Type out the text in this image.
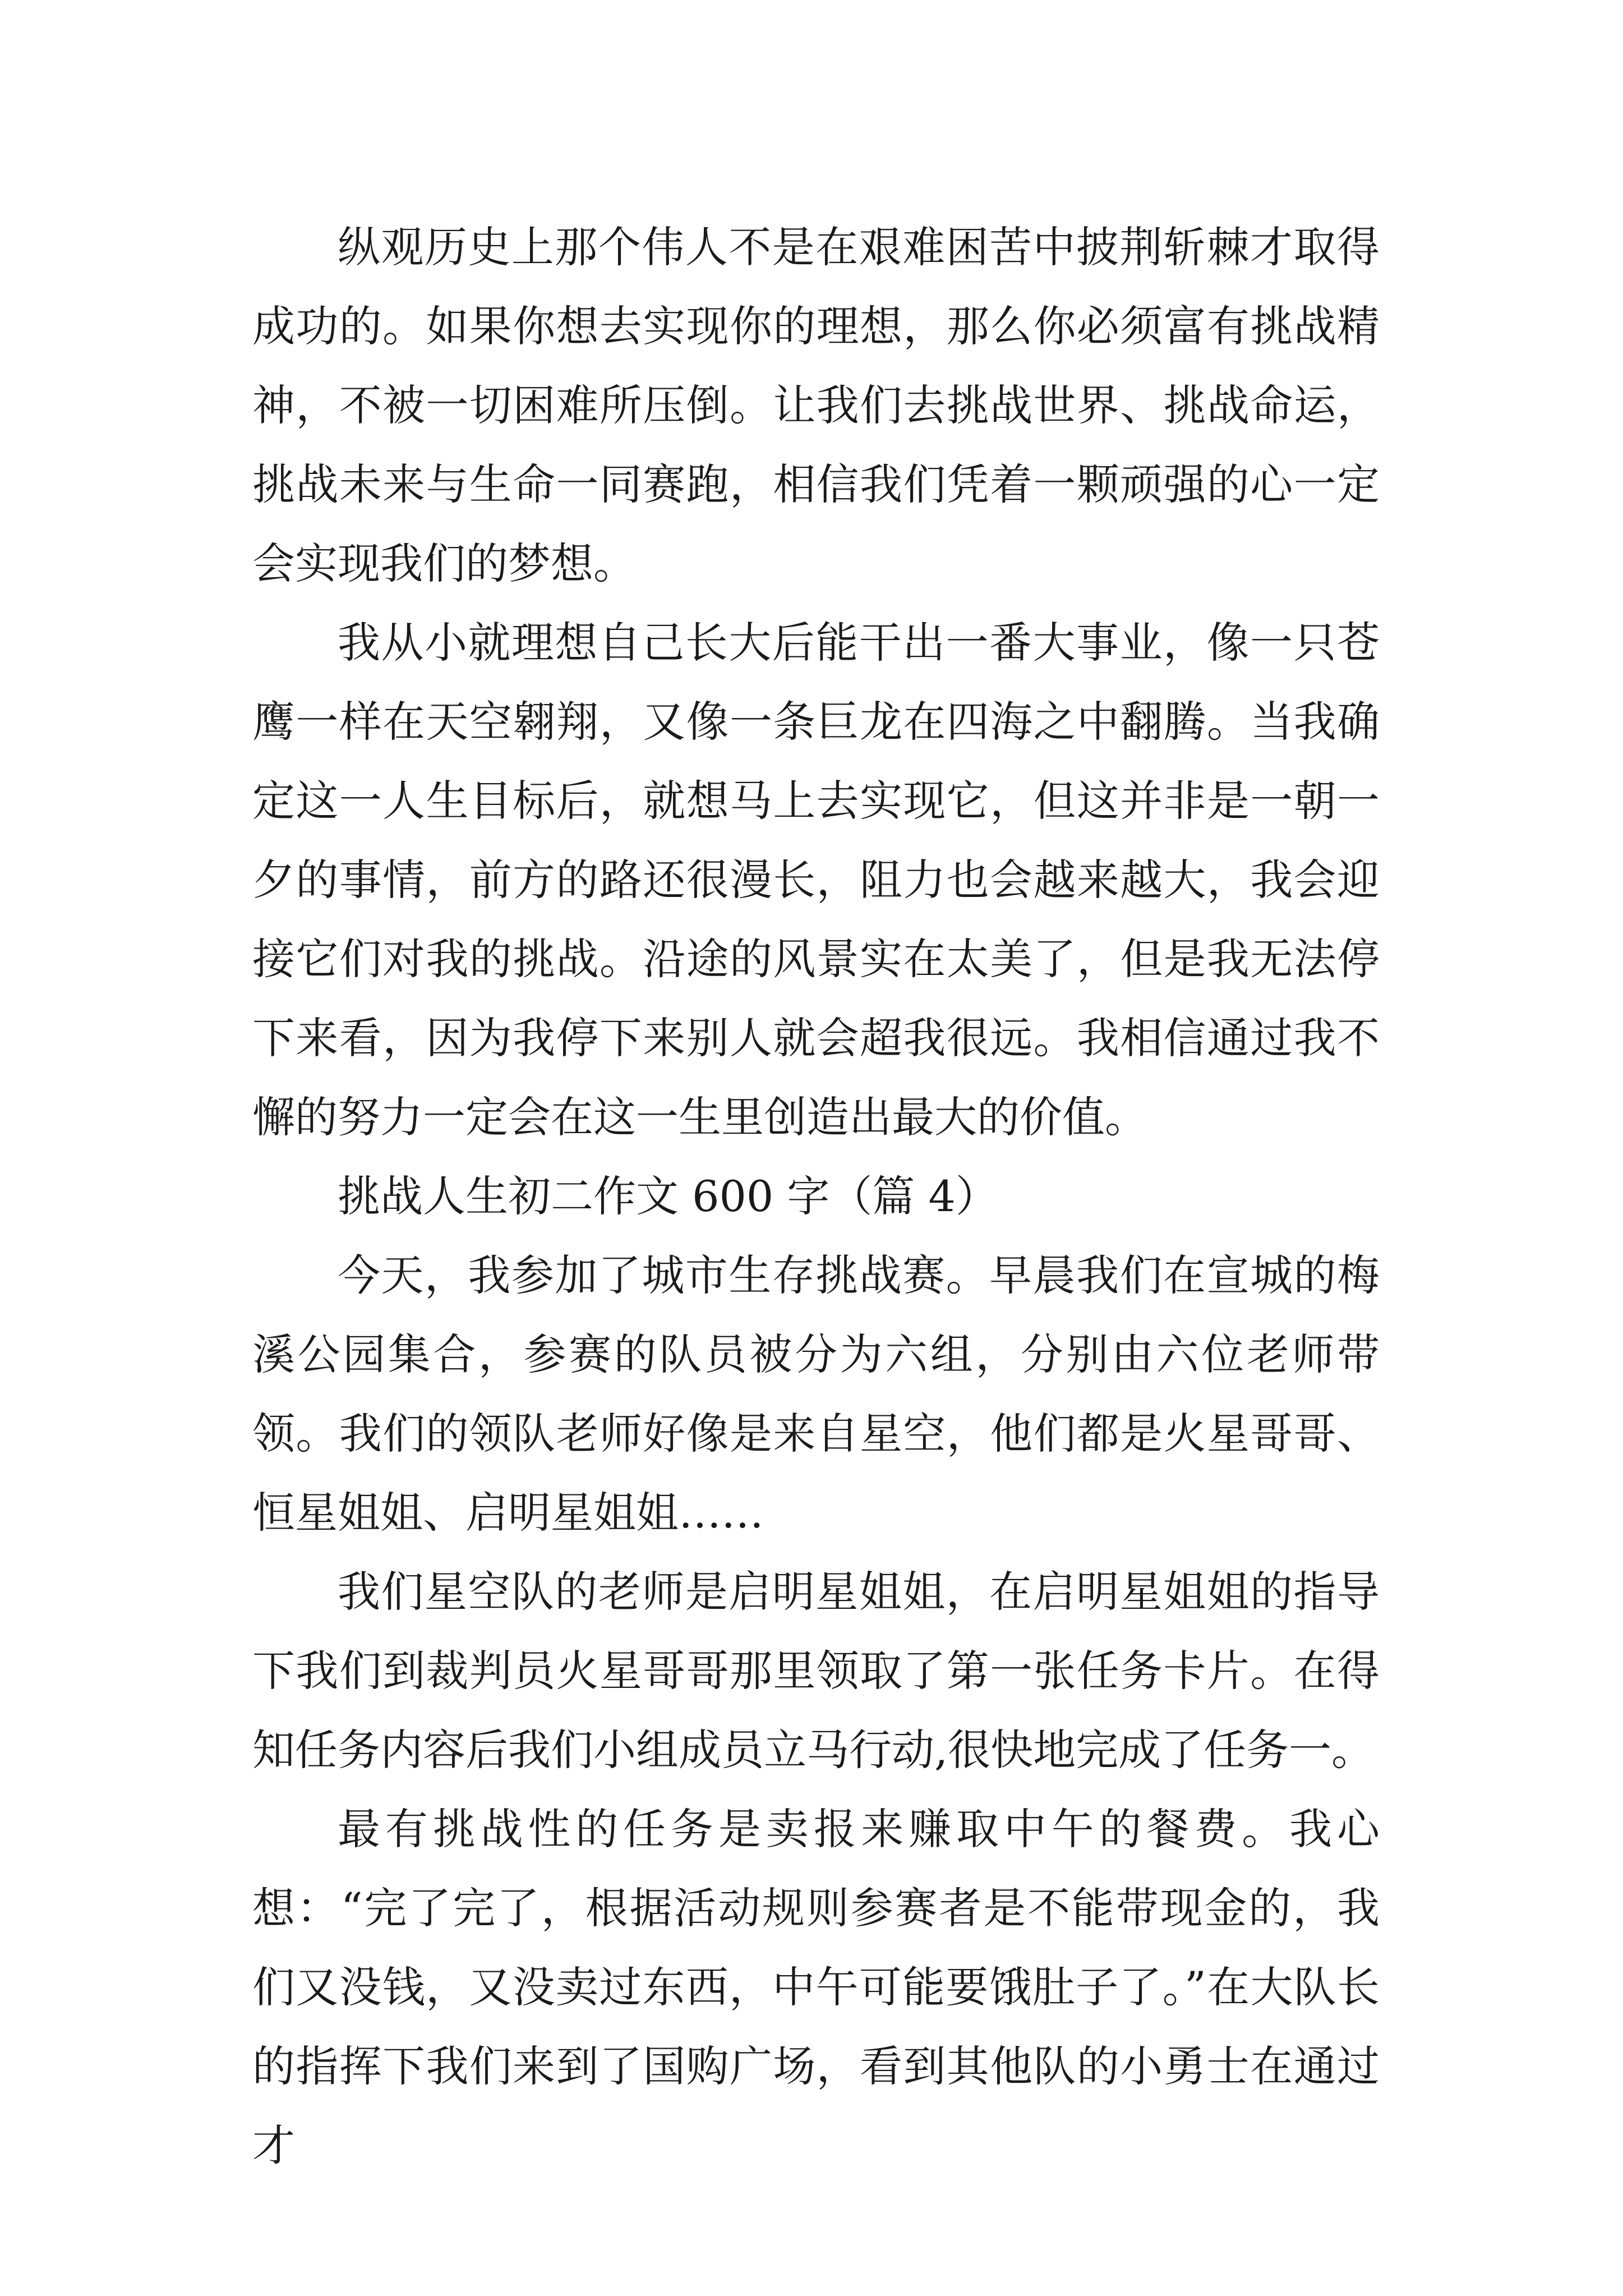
纵观历史上那个伟人不是在艰难困苦中披荆斩棘才取得成功的。如果你想去实现你的理想，那么你必须富有挑战精神，不被一切困难所压倒。让我们去挑战世界、挑战命运，挑战未来与生命一同赛跑，相信我们凭着一颗顽强的心一定会实现我们的梦想。

我从小就理想自己长大后能干出一番大事业，像一只苍鹰一样在天空翱翔，又像一条巨龙在四海之中翻腾。当我确定这一人生目标后，就想马上去实现它，但这并非是一朝一夕的事情，前方的路还很漫长，阻力也会越来越大，我会迎接它们对我的挑战。沿途的风景实在太美了，但是我无法停下来看，因为我停下来别人就会超我很远。我相信通过我不懈的努力一定会在这一生里创造出最大的价值。

挑战人生初二作文 600 字（篇 4）

今天，我参加了城市生存挑战赛。早晨我们在宣城的梅溪公园集合，参赛的队员被分为六组，分别由六位老师带领。我们的领队老师好像是来自星空，他们都是火星哥哥、恒星姐姐、启明星姐姐……

我们星空队的老师是启明星姐姐，在启明星姐姐的指导下我们到裁判员火星哥哥那里领取了第一张任务卡片。在得知任务内容后我们小组成员立马行动,很快地完成了任务一。

最有挑战性的任务是卖报来赚取中午的餐费。我心想：“完了完了，根据活动规则参赛者是不能带现金的，我们又没钱，又没卖过东西，中午可能要饿肚子了。”在大队长的指挥下我们来到了国购广场，看到其他队的小勇士在通过才
